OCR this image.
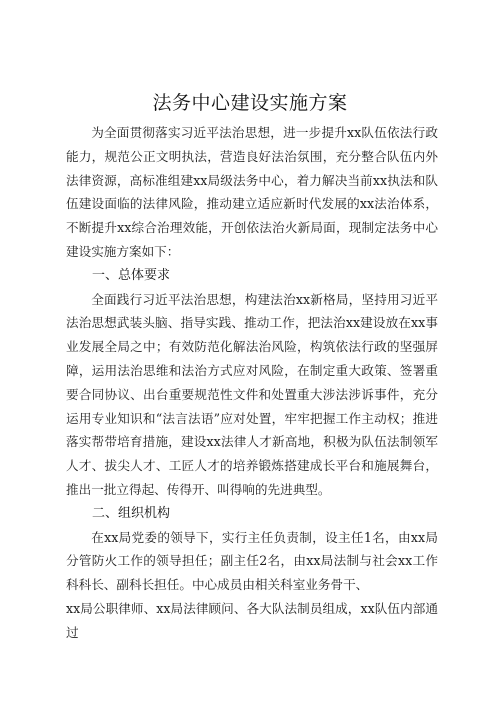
法务中心建设实施方案

为全面贯彻落实习近平法治思想，进一步提升xx队伍依法行政能力，规范公正文明执法，营造良好法治氛围，充分整合队伍内外法律资源，高标准组建xx局级法务中心，着力解决当前xx执法和队伍建设面临的法律风险，推动建立适应新时代发展的xx法治体系，不断提升xx综合治理效能，开创依法治火新局面，现制定法务中心建设实施方案如下：

一、总体要求

全面践行习近平法治思想，构建法治xx新格局，坚持用习近平法治思想武装头脑、指导实践、推动工作，把法治xx建设放在xx事业发展全局之中；有效防范化解法治风险，构筑依法行政的坚强屏障，运用法治思维和法治方式应对风险，在制定重大政策、签署重要合同协议、出台重要规范性文件和处置重大涉法涉诉事件，充分运用专业知识和“法言法语”应对处置，牢牢把握工作主动权；推进落实帮带培育措施，建设xx法律人才新高地，积极为队伍法制领军人才、拔尖人才、工匠人才的培养锻炼搭建成长平台和施展舞台，推出一批立得起、传得开、叫得响的先进典型。

二、组织机构

在xx局党委的领导下，实行主任负责制，设主任1名，由xx局分管防火工作的领导担任；副主任2名，由xx局法制与社会xx工作科科长、副科长担任。中心成员由相关科室业务骨干、

xx局公职律师、xx局法律顾问、各大队法制员组成，xx队伍内部通过
